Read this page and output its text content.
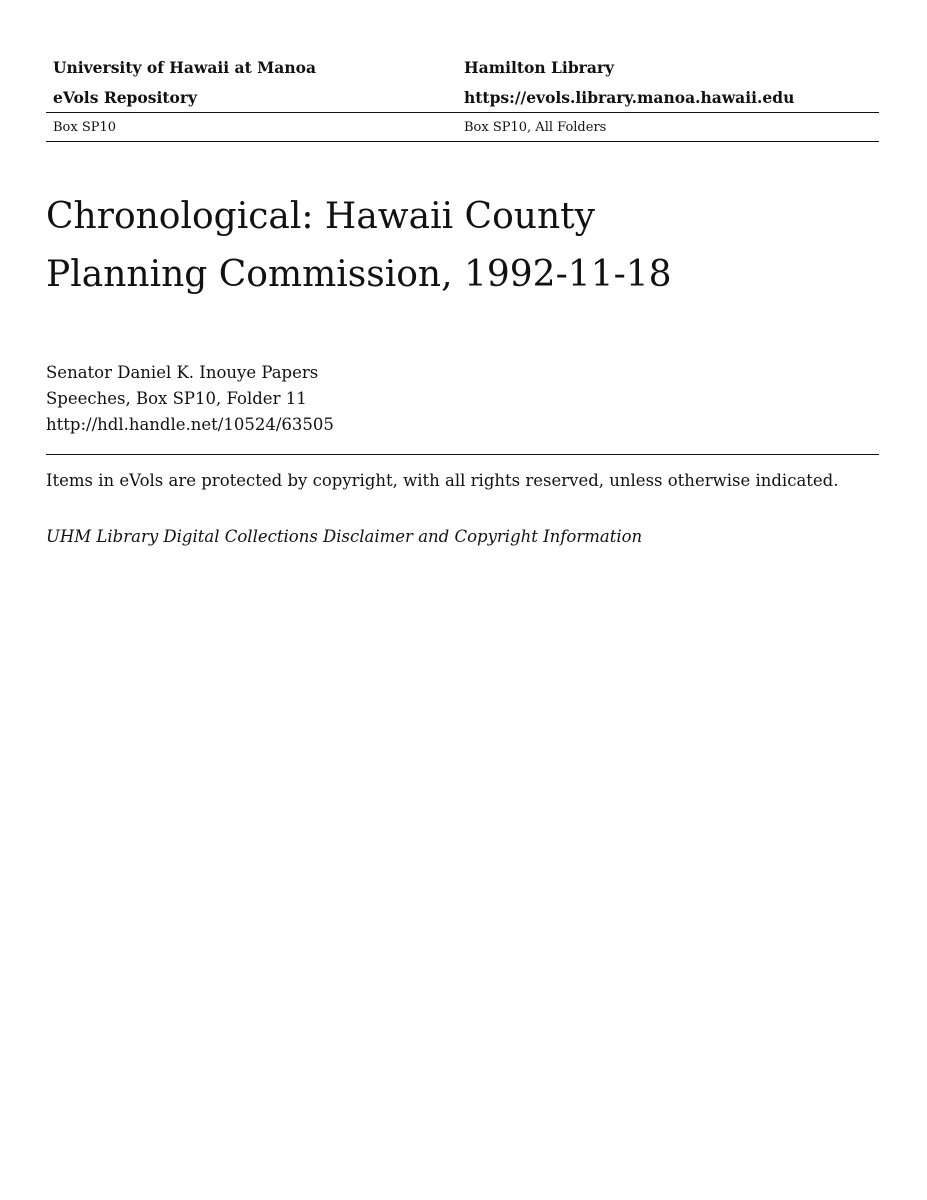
University of Hawaii at Manoa	Hamilton Library
eVols Repository	https://evols.library.manoa.hawaii.edu
Box SP10	Box SP10, All Folders
Chronological: Hawaii County
Planning Commission, 1992-11-18
Senator Daniel K. Inouye Papers
Speeches, Box SP10, Folder 11
http://hdl.handle.net/10524/63505
Items in eVols are protected by copyright, with all rights reserved, unless otherwise indicated.
UHM Library Digital Collections Disclaimer and Copyright Information
